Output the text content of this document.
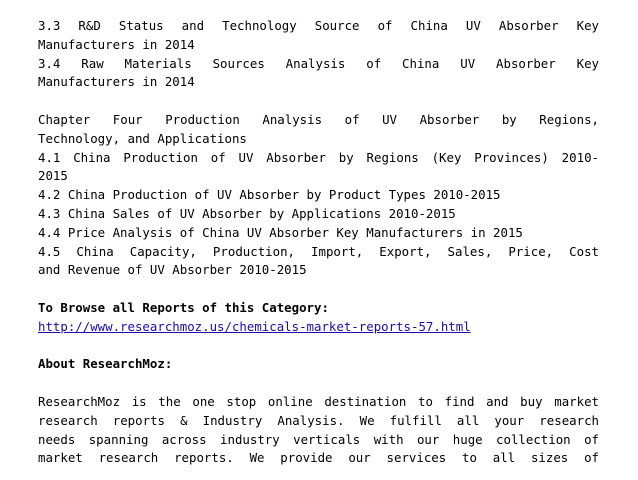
3.3 R&D Status and Technology Source of China UV Absorber Key
Manufacturers in 2014
3.4 Raw Materials Sources Analysis of China UV Absorber Key
Manufacturers in 2014
Chapter Four Production Analysis of UV Absorber by Regions,
Technology, and Applications
4.1 China Production of UV Absorber by Regions (Key Provinces) 2010-
2015
4.2 China Production of UV Absorber by Product Types 2010-2015
4.3 China Sales of UV Absorber by Applications 2010-2015
4.4 Price Analysis of China UV Absorber Key Manufacturers in 2015
4.5 China Capacity, Production, Import, Export, Sales, Price, Cost
and Revenue of UV Absorber 2010-2015
To Browse all Reports of this Category:
http://www.researchmoz.us/chemicals-market-reports-57.html
About ResearchMoz:
ResearchMoz is the one stop online destination to find and buy market
research reports & Industry Analysis. We fulfill all your research
needs spanning across industry verticals with our huge collection of
market research reports. We provide our services to all sizes of
